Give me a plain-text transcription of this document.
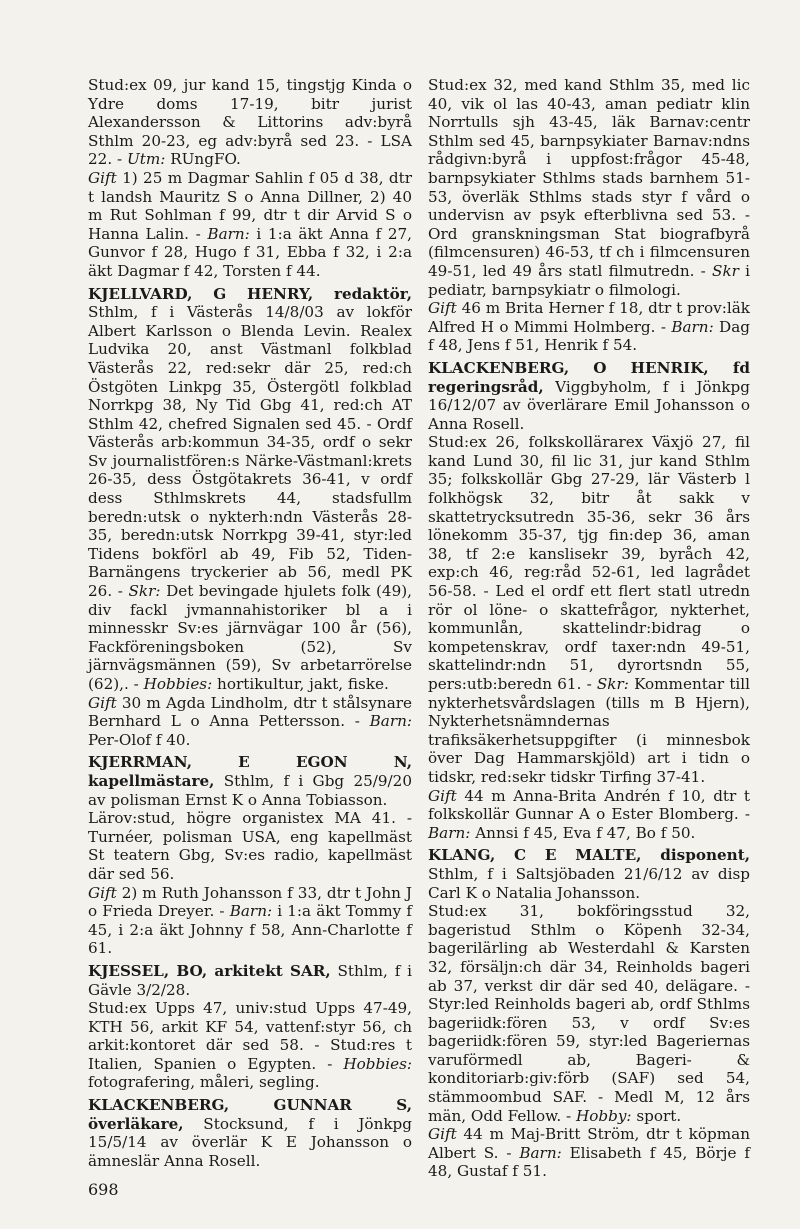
Stud:ex 09, jur kand 15, tingstjg Kinda o Ydre doms 17-19, bitr jurist Alexandersson & Littorins adv:byrå Sthlm 20-23, eg adv:byrå sed 23. - LSA 22. - Utm: RUngFO.

Gift 1) 25 m Dagmar Sahlin f 05 d 38, dtr t landsh Mauritz S o Anna Dillner, 2) 40 m Rut Sohlman f 99, dtr t dir Arvid S o Hanna Lalin. - Barn: i 1:a äkt Anna f 27, Gunvor f 28, Hugo f 31, Ebba f 32, i 2:a äkt Dagmar f 42, Torsten f 44.

KJELLVARD, G HENRY, redaktör, Sthlm, f i Västerås 14/8/03 av lokför Albert Karlsson o Blenda Levin. Realex Ludvika 20, anst Västmanl folkblad Västerås 22, red:sekr där 25, red:ch Östgöten Linkpg 35, Östergötl folkblad Norrkpg 38, Ny Tid Gbg 41, red:ch AT Sthlm 42, chefred Signalen sed 45. - Ordf Västerås arb:kommun 34-35, ordf o sekr Sv journalistfören:s Närke-Västmanl:krets 26-35, dess Östgötakrets 36-41, v ordf dess Sthlmskrets 44, stadsfullm beredn:utsk o nykterh:ndn Västerås 28-35, beredn:utsk Norrkpg 39-41, styr:led Tidens bokförl ab 49, Fib 52, Tiden-Barnängens tryckerier ab 56, medl PK 26. - Skr: Det bevingade hjulets folk (49), div fackl jvmannahistoriker bl a i minnesskr Sv:es järnvägar 100 år (56), Fackföreningsboken (52), Sv järnvägsmännen (59), Sv arbetarrörelse (62),. - Hobbies: hortikultur, jakt, fiske.

Gift 30 m Agda Lindholm, dtr t stålsynare Bernhard L o Anna Pettersson. - Barn: Per-Olof f 40.

KJERRMAN, E EGON N, kapellmästare, Sthlm, f i Gbg 25/9/20 av polisman Ernst K o Anna Tobiasson.

Lärov:stud, högre organistex MA 41. - Turnéer, polisman USA, eng kapellmäst St teatern Gbg, Sv:es radio, kapellmäst där sed 56.

Gift 2) m Ruth Johansson f 33, dtr t John J o Frieda Dreyer. - Barn: i 1:a äkt Tommy f 45, i 2:a äkt Johnny f 58, Ann-Charlotte f 61.

KJESSEL, BO, arkitekt SAR, Sthlm, f i Gävle 3/2/28.

Stud:ex Upps 47, univ:stud Upps 47-49, KTH 56, arkit KF 54, vattenf:styr 56, ch arkit:kontoret där sed 58. - Stud:res t Italien, Spanien o Egypten. - Hobbies: fotografering, måleri, segling.

KLACKENBERG, GUNNAR S, överläkare, Stocksund, f i Jönkpg 15/5/14 av överlär K E Johansson o ämneslär Anna Rosell.

Stud:ex 32, med kand Sthlm 35, med lic 40, vik ol las 40-43, aman pediatr klin Norrtulls sjh 43-45, läk Barnav:centr Sthlm sed 45, barnpsykiater Barnav:ndns rådgivn:byrå i uppfost:frågor 45-48, barnpsykiater Sthlms stads barnhem 51-53, överläk Sthlms stads styr f vård o undervisn av psyk efterblivna sed 53. - Ord granskningsman Stat biografbyrå (filmcensuren) 46-53, tf ch i filmcensuren 49-51, led 49 års statl filmutredn. - Skr i pediatr, barnpsykiatr o filmologi.

Gift 46 m Brita Herner f 18, dtr t prov:läk Alfred H o Mimmi Holmberg. - Barn: Dag f 48, Jens f 51, Henrik f 54.

KLACKENBERG, O HENRIK, fd regeringsråd, Viggbyholm, f i Jönkpg 16/12/07 av överlärare Emil Johansson o Anna Rosell.

Stud:ex 26, folkskollärarex Växjö 27, fil kand Lund 30, fil lic 31, jur kand Sthlm 35; folkskollär Gbg 27-29, lär Västerb l folkhögsk 32, bitr åt sakk v skattetrycksutredn 35-36, sekr 36 års lönekomm 35-37, tjg fin:dep 36, aman 38, tf 2:e kanslisekr 39, byråch 42, exp:ch 46, reg:råd 52-61, led lagrådet 56-58. - Led el ordf ett flert statl utredn rör ol löne- o skattefrågor, nykterhet, kommunlån, skattelindr:bidrag o kompetenskrav, ordf taxer:ndn 49-51, skattelindr:ndn 51, dyrortsndn 55, pers:utb:beredn 61. - Skr: Kommentar till nykterhetsvårdslagen (tills m B Hjern), Nykterhetsnämndernas trafiksäkerhetsuppgifter (i minnesbok över Dag Hammarskjöld) art i tidn o tidskr, red:sekr tidskr Tirfing 37-41.

Gift 44 m Anna-Brita Andrén f 10, dtr t folkskollär Gunnar A o Ester Blomberg. - Barn: Annsi f 45, Eva f 47, Bo f 50.

KLANG, C E MALTE, disponent, Sthlm, f i Saltsjöbaden 21/6/12 av disp Carl K o Natalia Johansson.

Stud:ex 31, bokföringsstud 32, bageristud Sthlm o Köpenh 32-34, bagerilärling ab Westerdahl & Karsten 32, försäljn:ch där 34, Reinholds bageri ab 37, verkst dir där sed 40, delägare. - Styr:led Reinholds bageri ab, ordf Sthlms bageriidk:fören 53, v ordf Sv:es bageriidk:fören 59, styr:led Bageriernas varuförmedl ab, Bageri- & konditoriarb:giv:förb (SAF) sed 54, stämmoombud SAF. - Medl M, 12 års män, Odd Fellow. - Hobby: sport.

Gift 44 m Maj-Britt Ström, dtr t köpman Albert S. - Barn: Elisabeth f 45, Börje f 48, Gustaf f 51.

698
